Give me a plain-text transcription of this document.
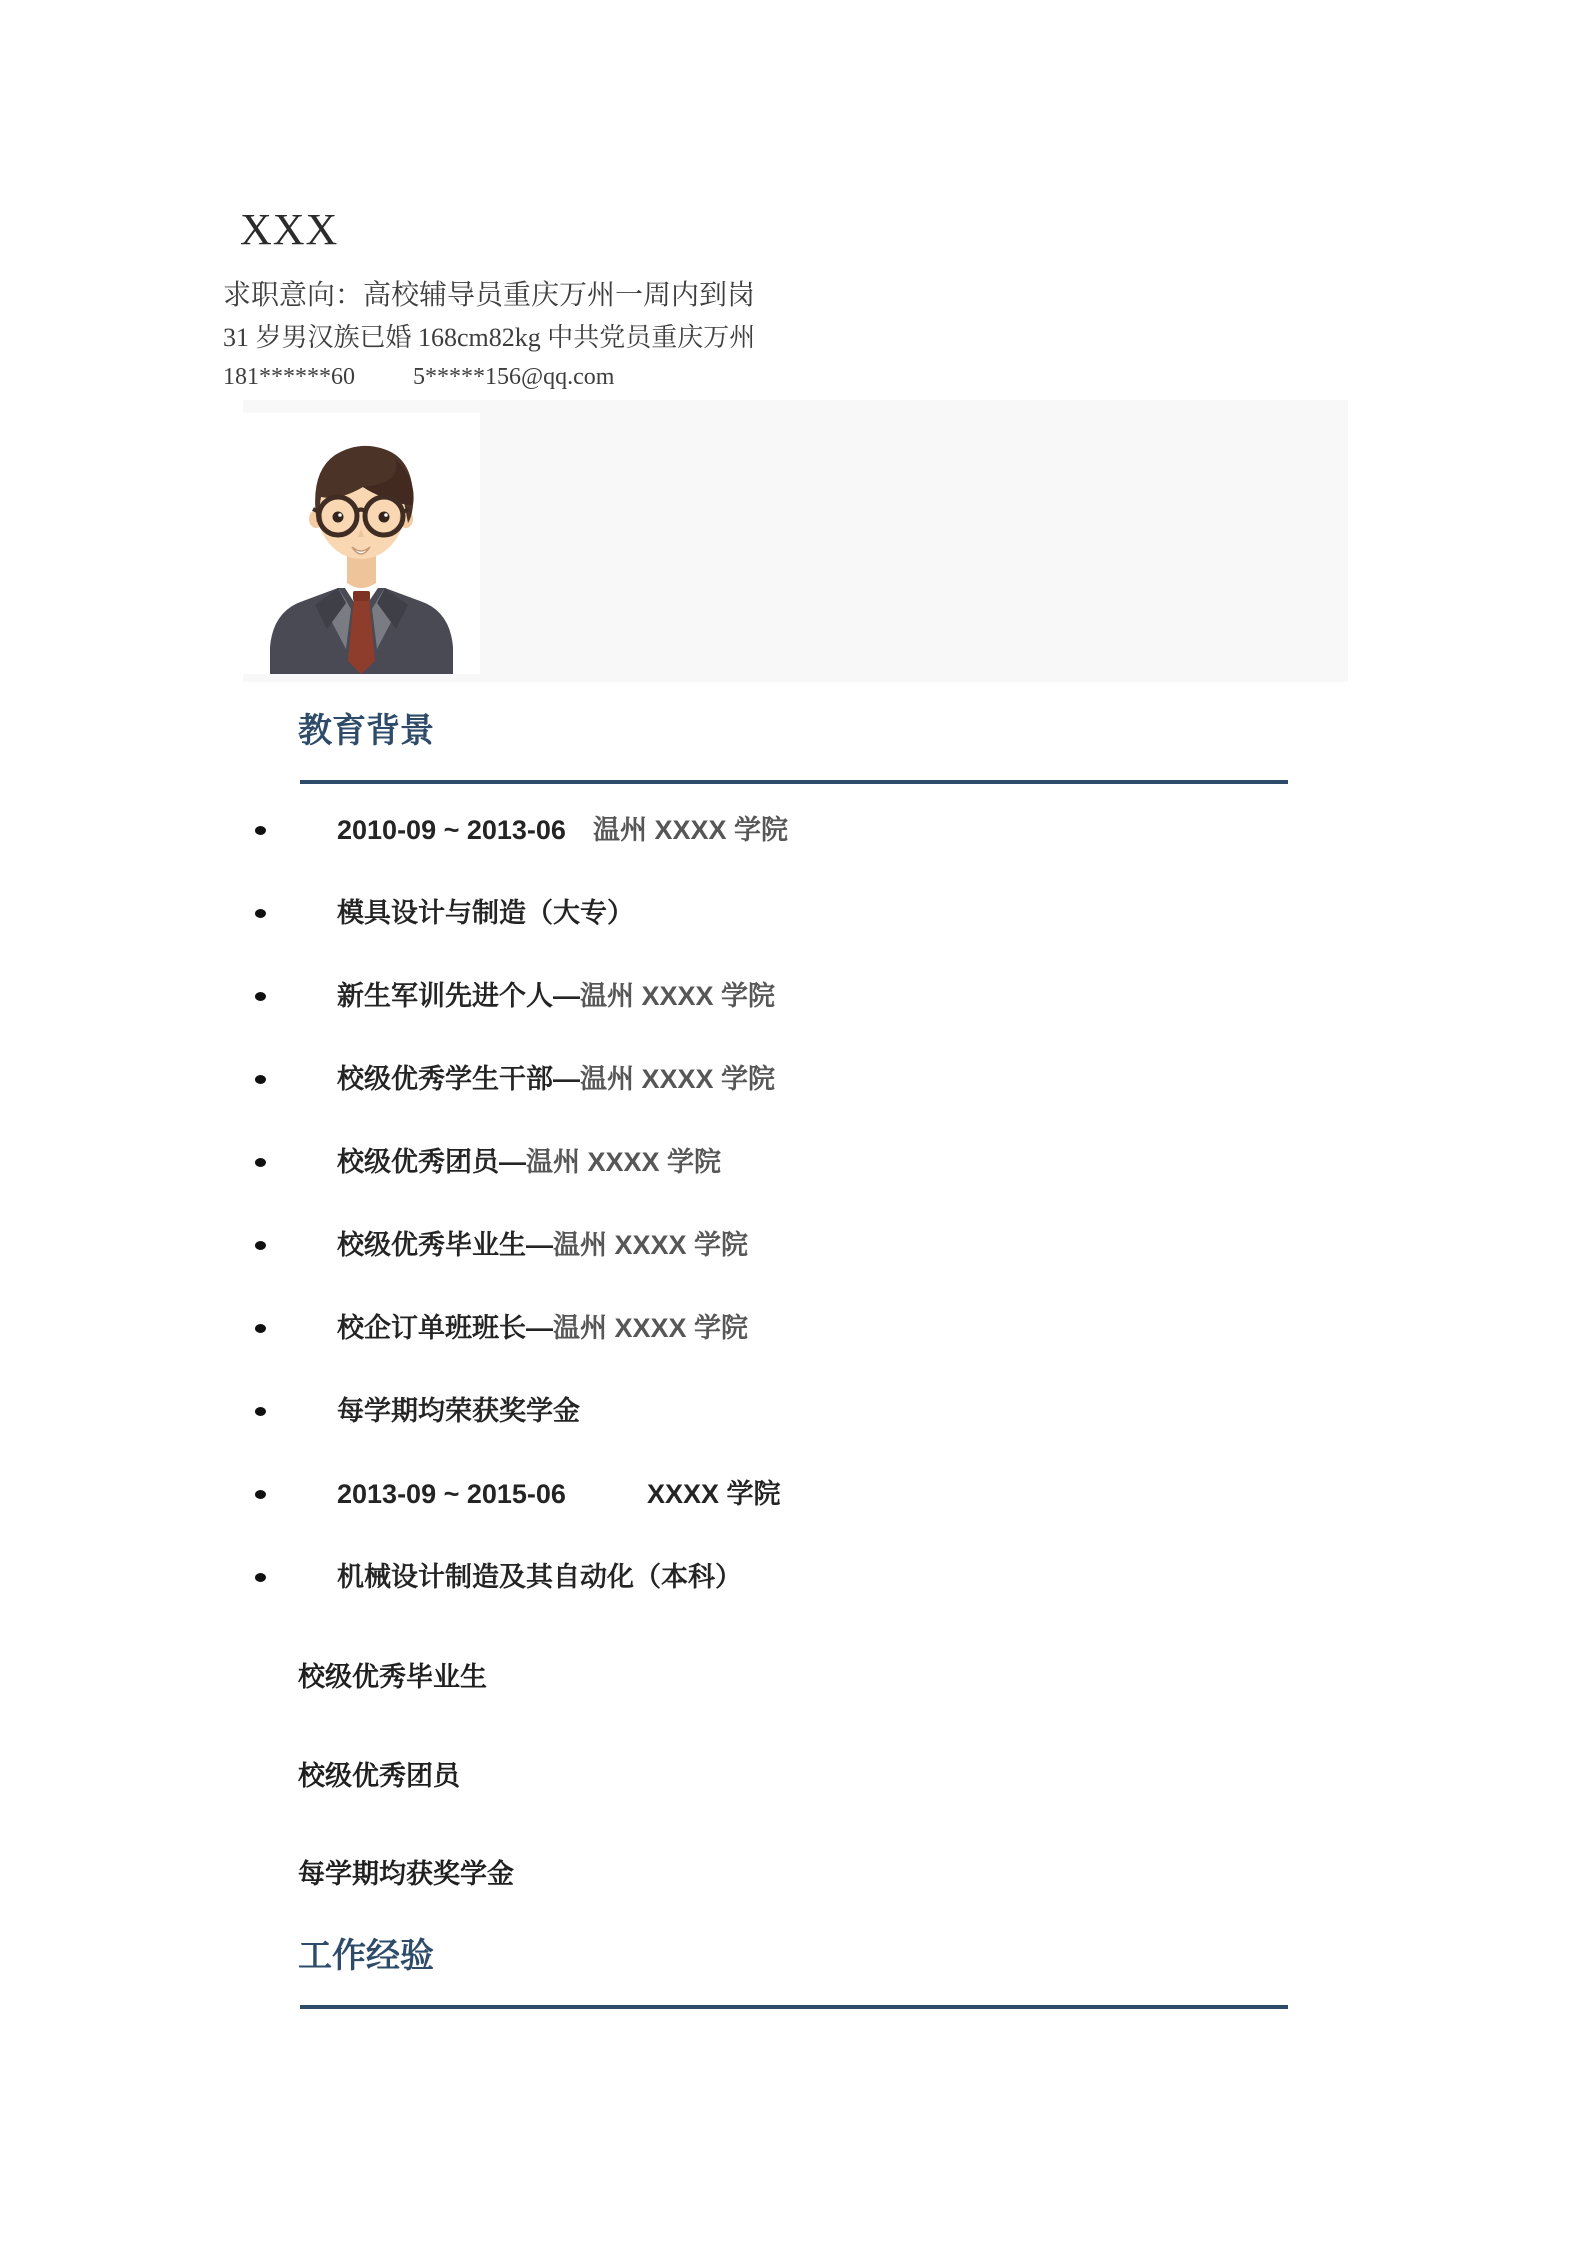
XXX
求职意向：高校辅导员重庆万州一周内到岗
31 岁男汉族已婚 168cm82kg 中共党员重庆万州
181******60 5*****156@qq.com
教育背景
2010-09 ~ 2013-06　温州 XXXX 学院
模具设计与制造（大专）
新生军训先进个人—温州 XXXX 学院
校级优秀学生干部—温州 XXXX 学院
校级优秀团员—温州 XXXX 学院
校级优秀毕业生—温州 XXXX 学院
校企订单班班长—温州 XXXX 学院
每学期均荣获奖学金
2013-09 ~ 2015-06　　　XXXX 学院
机械设计制造及其自动化（本科）
校级优秀毕业生
校级优秀团员
每学期均获奖学金
工作经验
